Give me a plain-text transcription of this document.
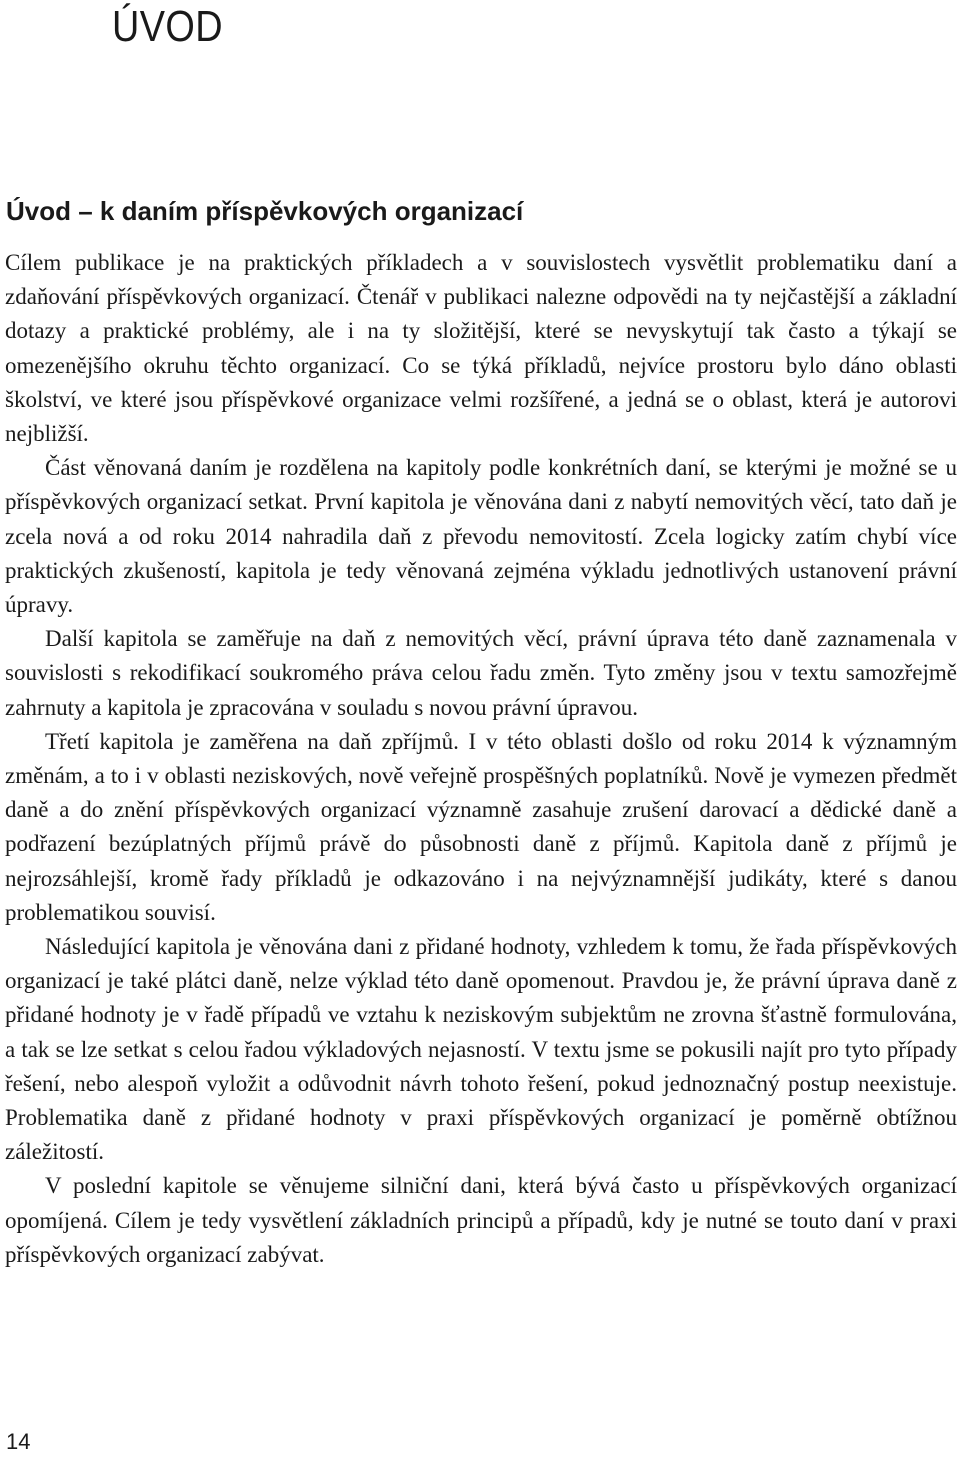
ÚVOD
Úvod – k daním příspěvkových organizací

Cílem publikace je na praktických příkladech a v souvislostech vysvětlit problematiku daní a zdaňování příspěvkových organizací. Čtenář v publikaci nalezne odpovědi na ty nejčastější a základní dotazy a praktické problémy, ale i na ty složitější, které se nevyskytují tak často a týkají se omezenějšího okruhu těchto organizací. Co se týká příkladů, nejvíce prostoru bylo dáno oblasti školství, ve které jsou příspěvkové organizace velmi rozšířené, a jedná se o oblast, která je autorovi nejbližší.

Část věnovaná daním je rozdělena na kapitoly podle konkrétních daní, se kterými je možné se u příspěvkových organizací setkat. První kapitola je věnována dani z nabytí nemovitých věcí, tato daň je zcela nová a od roku 2014 nahradila daň z převodu nemovitostí. Zcela logicky zatím chybí více praktických zkušeností, kapitola je tedy věnovaná zejména výkladu jednotlivých ustanovení právní úpravy.

Další kapitola se zaměřuje na daň z nemovitých věcí, právní úprava této daně zaznamenala v souvislosti s rekodifikací soukromého práva celou řadu změn. Tyto změny jsou v textu samozřejmě zahrnuty a kapitola je zpracována v souladu s novou právní úpravou.

Třetí kapitola je zaměřena na daň zpříjmů. I v této oblasti došlo od roku 2014 k významným změnám, a to i v oblasti neziskových, nově veřejně prospěšných poplatníků. Nově je vymezen předmět daně a do znění příspěvkových organizací významně zasahuje zrušení darovací a dědické daně a podřazení bezúplatných příjmů právě do působnosti daně z příjmů. Kapitola daně z příjmů je nejrozsáhlejší, kromě řady příkladů je odkazováno i na nejvýznamnější judikáty, které s danou problematikou souvisí.

Následující kapitola je věnována dani z přidané hodnoty, vzhledem k tomu, že řada příspěvkových organizací je také plátci daně, nelze výklad této daně opomenout. Pravdou je, že právní úprava daně z přidané hodnoty je v řadě případů ve vztahu k neziskovým subjektům ne zrovna šťastně formulována, a tak se lze setkat s celou řadou výkladových nejasností. V textu jsme se pokusili najít pro tyto případy řešení, nebo alespoň vyložit a odůvodnit návrh tohoto řešení, pokud jednoznačný postup neexistuje. Problematika daně z přidané hodnoty v praxi příspěvkových organizací je poměrně obtížnou záležitostí.

V poslední kapitole se věnujeme silniční dani, která bývá často u příspěvkových organizací opomíjená. Cílem je tedy vysvětlení základních principů a případů, kdy je nutné se touto daní v praxi příspěvkových organizací zabývat.

14
